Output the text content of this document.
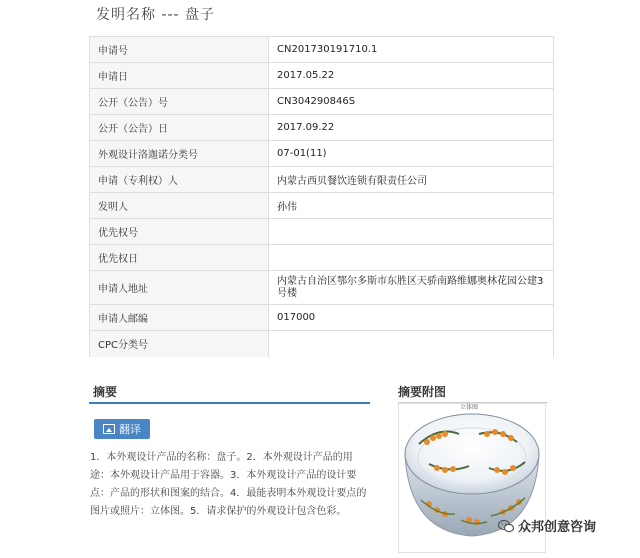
发明名称 --- 盘子
申请号	CN201730191710.1
申请日	2017.05.22
公开（公告）号	CN304290846S
公开（公告）日	2017.09.22
外观设计洛迦诺分类号	07-01(11)
申请（专利权）人	内蒙古西贝餐饮连锁有限责任公司
发明人	孙伟
优先权号	
优先权日	
申请人地址	内蒙古自治区鄂尔多斯市东胜区天骄南路维娜奥林花园公建3号楼
申请人邮编	017000
CPC分类号	
摘要
翻译
1．本外观设计产品的名称：盘子。2．本外观设计产品的用途：本外观设计产品用于容器。3．本外观设计产品的设计要点：产品的形状和图案的结合。4．最能表明本外观设计要点的图片或照片：立体图。5．请求保护的外观设计包含色彩。
摘要附图
立体图
众邦创意咨询
